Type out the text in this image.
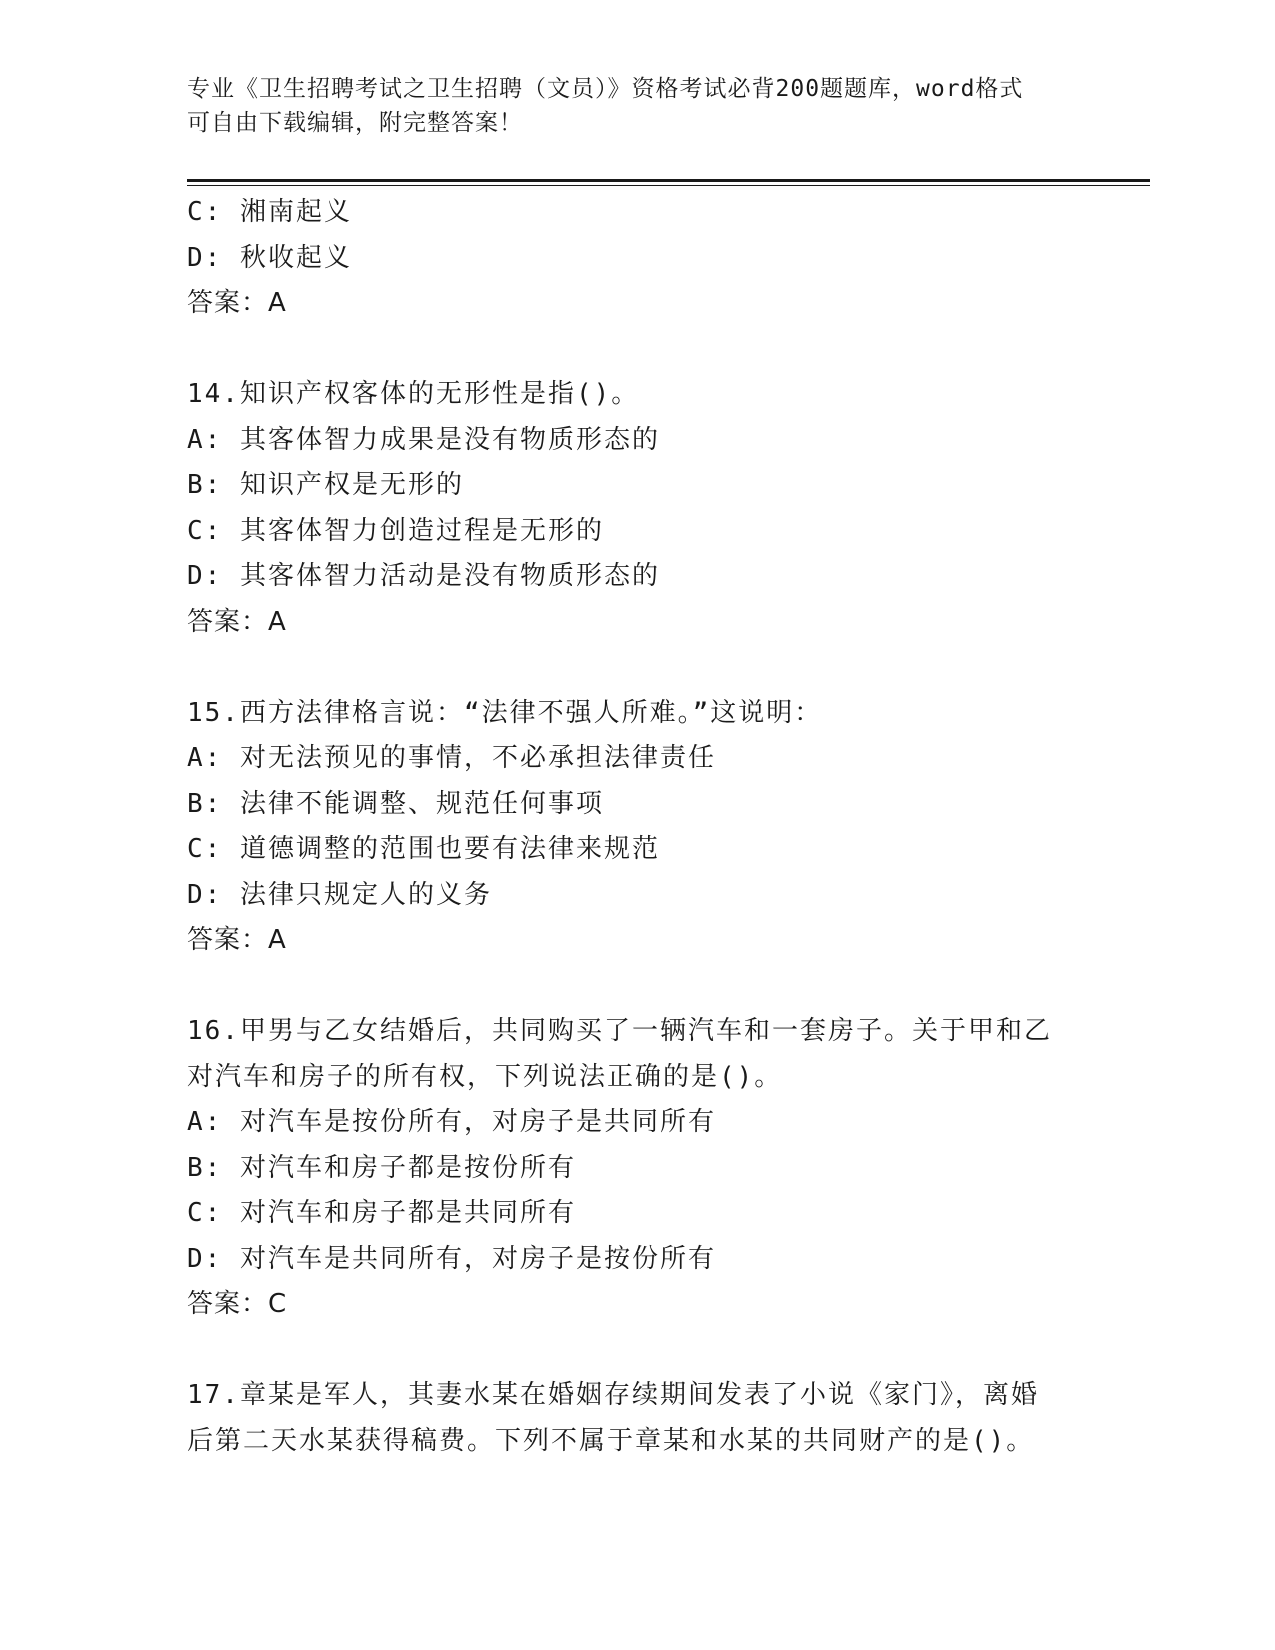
专业《卫生招聘考试之卫生招聘（文员）》资格考试必背200题题库，word格式
可自由下载编辑，附完整答案！
C: 湘南起义
D: 秋收起义
答案：A
14.知识产权客体的无形性是指()。
A: 其客体智力成果是没有物质形态的
B: 知识产权是无形的
C: 其客体智力创造过程是无形的
D: 其客体智力活动是没有物质形态的
答案：A
15.西方法律格言说：“法律不强人所难。”这说明：
A: 对无法预见的事情，不必承担法律责任
B: 法律不能调整、规范任何事项
C: 道德调整的范围也要有法律来规范
D: 法律只规定人的义务
答案：A
16.甲男与乙女结婚后，共同购买了一辆汽车和一套房子。关于甲和乙
对汽车和房子的所有权，下列说法正确的是()。
A: 对汽车是按份所有，对房子是共同所有
B: 对汽车和房子都是按份所有
C: 对汽车和房子都是共同所有
D: 对汽车是共同所有，对房子是按份所有
答案：C
17.章某是军人，其妻水某在婚姻存续期间发表了小说《家门》，离婚
后第二天水某获得稿费。下列不属于章某和水某的共同财产的是()。
